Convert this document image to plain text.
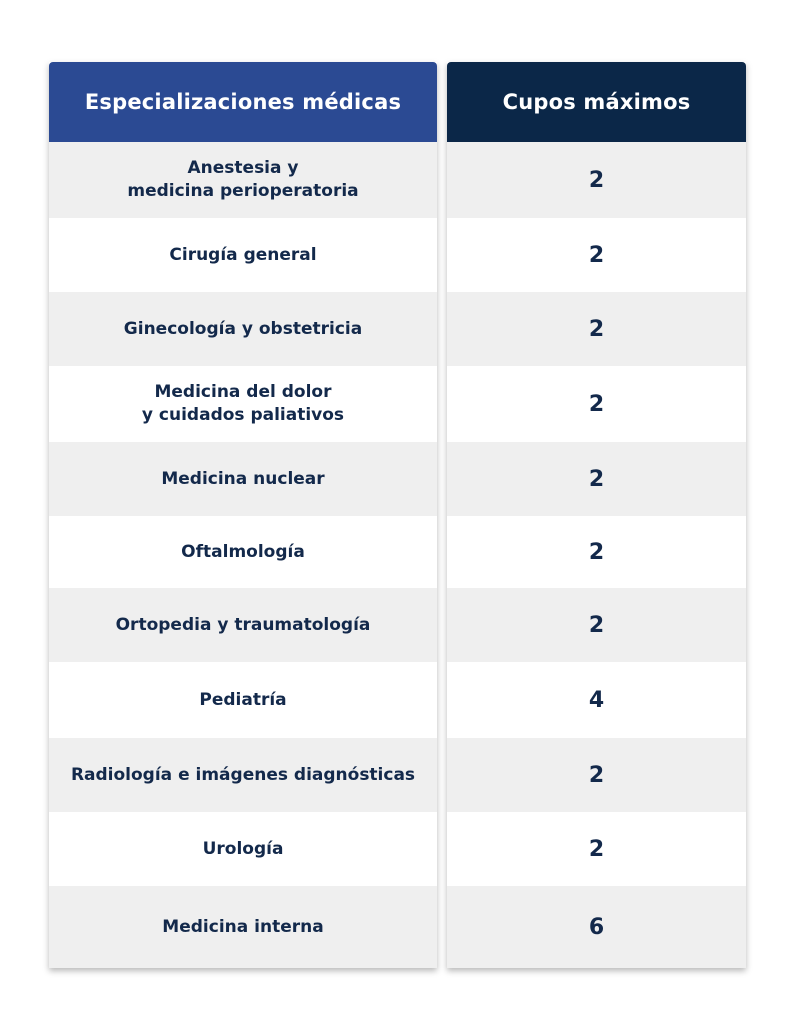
Especializaciones médicas
Anestesia y
medicina perioperatoria
Cirugía general
Ginecología y obstetricia
Medicina del dolor
y cuidados paliativos
Medicina nuclear
Oftalmología
Ortopedia y traumatología
Pediatría
Radiología e imágenes diagnósticas
Urología
Medicina interna
Cupos máximos
2
2
2
2
2
2
2
4
2
2
6
